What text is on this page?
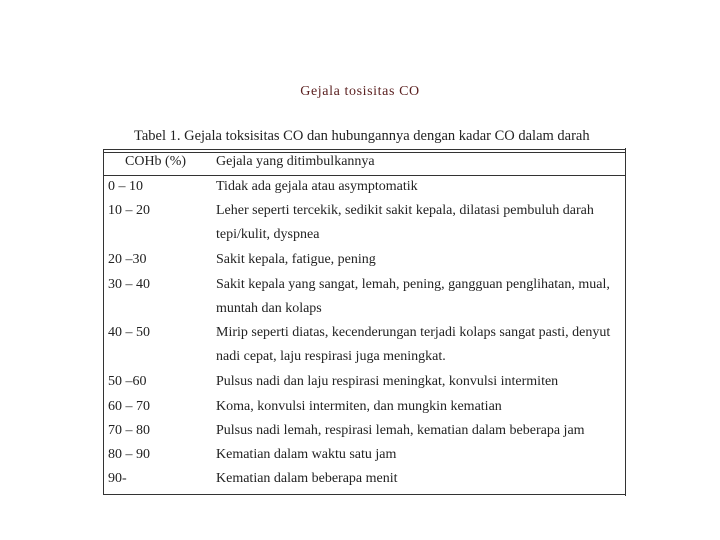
Gejala tosisitas CO
Tabel 1. Gejala toksisitas CO dan hubungannya dengan kadar CO dalam darah
COHb (%) Gejala yang ditimbulkannya
0 – 10	Tidak ada gejala atau asymptomatik
10 – 20	Leher seperti tercekik, sedikit sakit kepala, dilatasi pembuluh darah
tepi/kulit, dyspnea
20 –30	Sakit kepala, fatigue, pening
30 – 40	Sakit kepala yang sangat, lemah, pening, gangguan penglihatan, mual,
muntah dan kolaps
40 – 50	Mirip seperti diatas, kecenderungan terjadi kolaps sangat pasti, denyut
nadi cepat, laju respirasi juga meningkat.
50 –60	Pulsus nadi dan laju respirasi meningkat, konvulsi intermiten
60 – 70	Koma, konvulsi intermiten, dan mungkin kematian
70 – 80	Pulsus nadi lemah, respirasi lemah, kematian dalam beberapa jam
80 – 90	Kematian dalam waktu satu jam
90-	Kematian dalam beberapa menit
